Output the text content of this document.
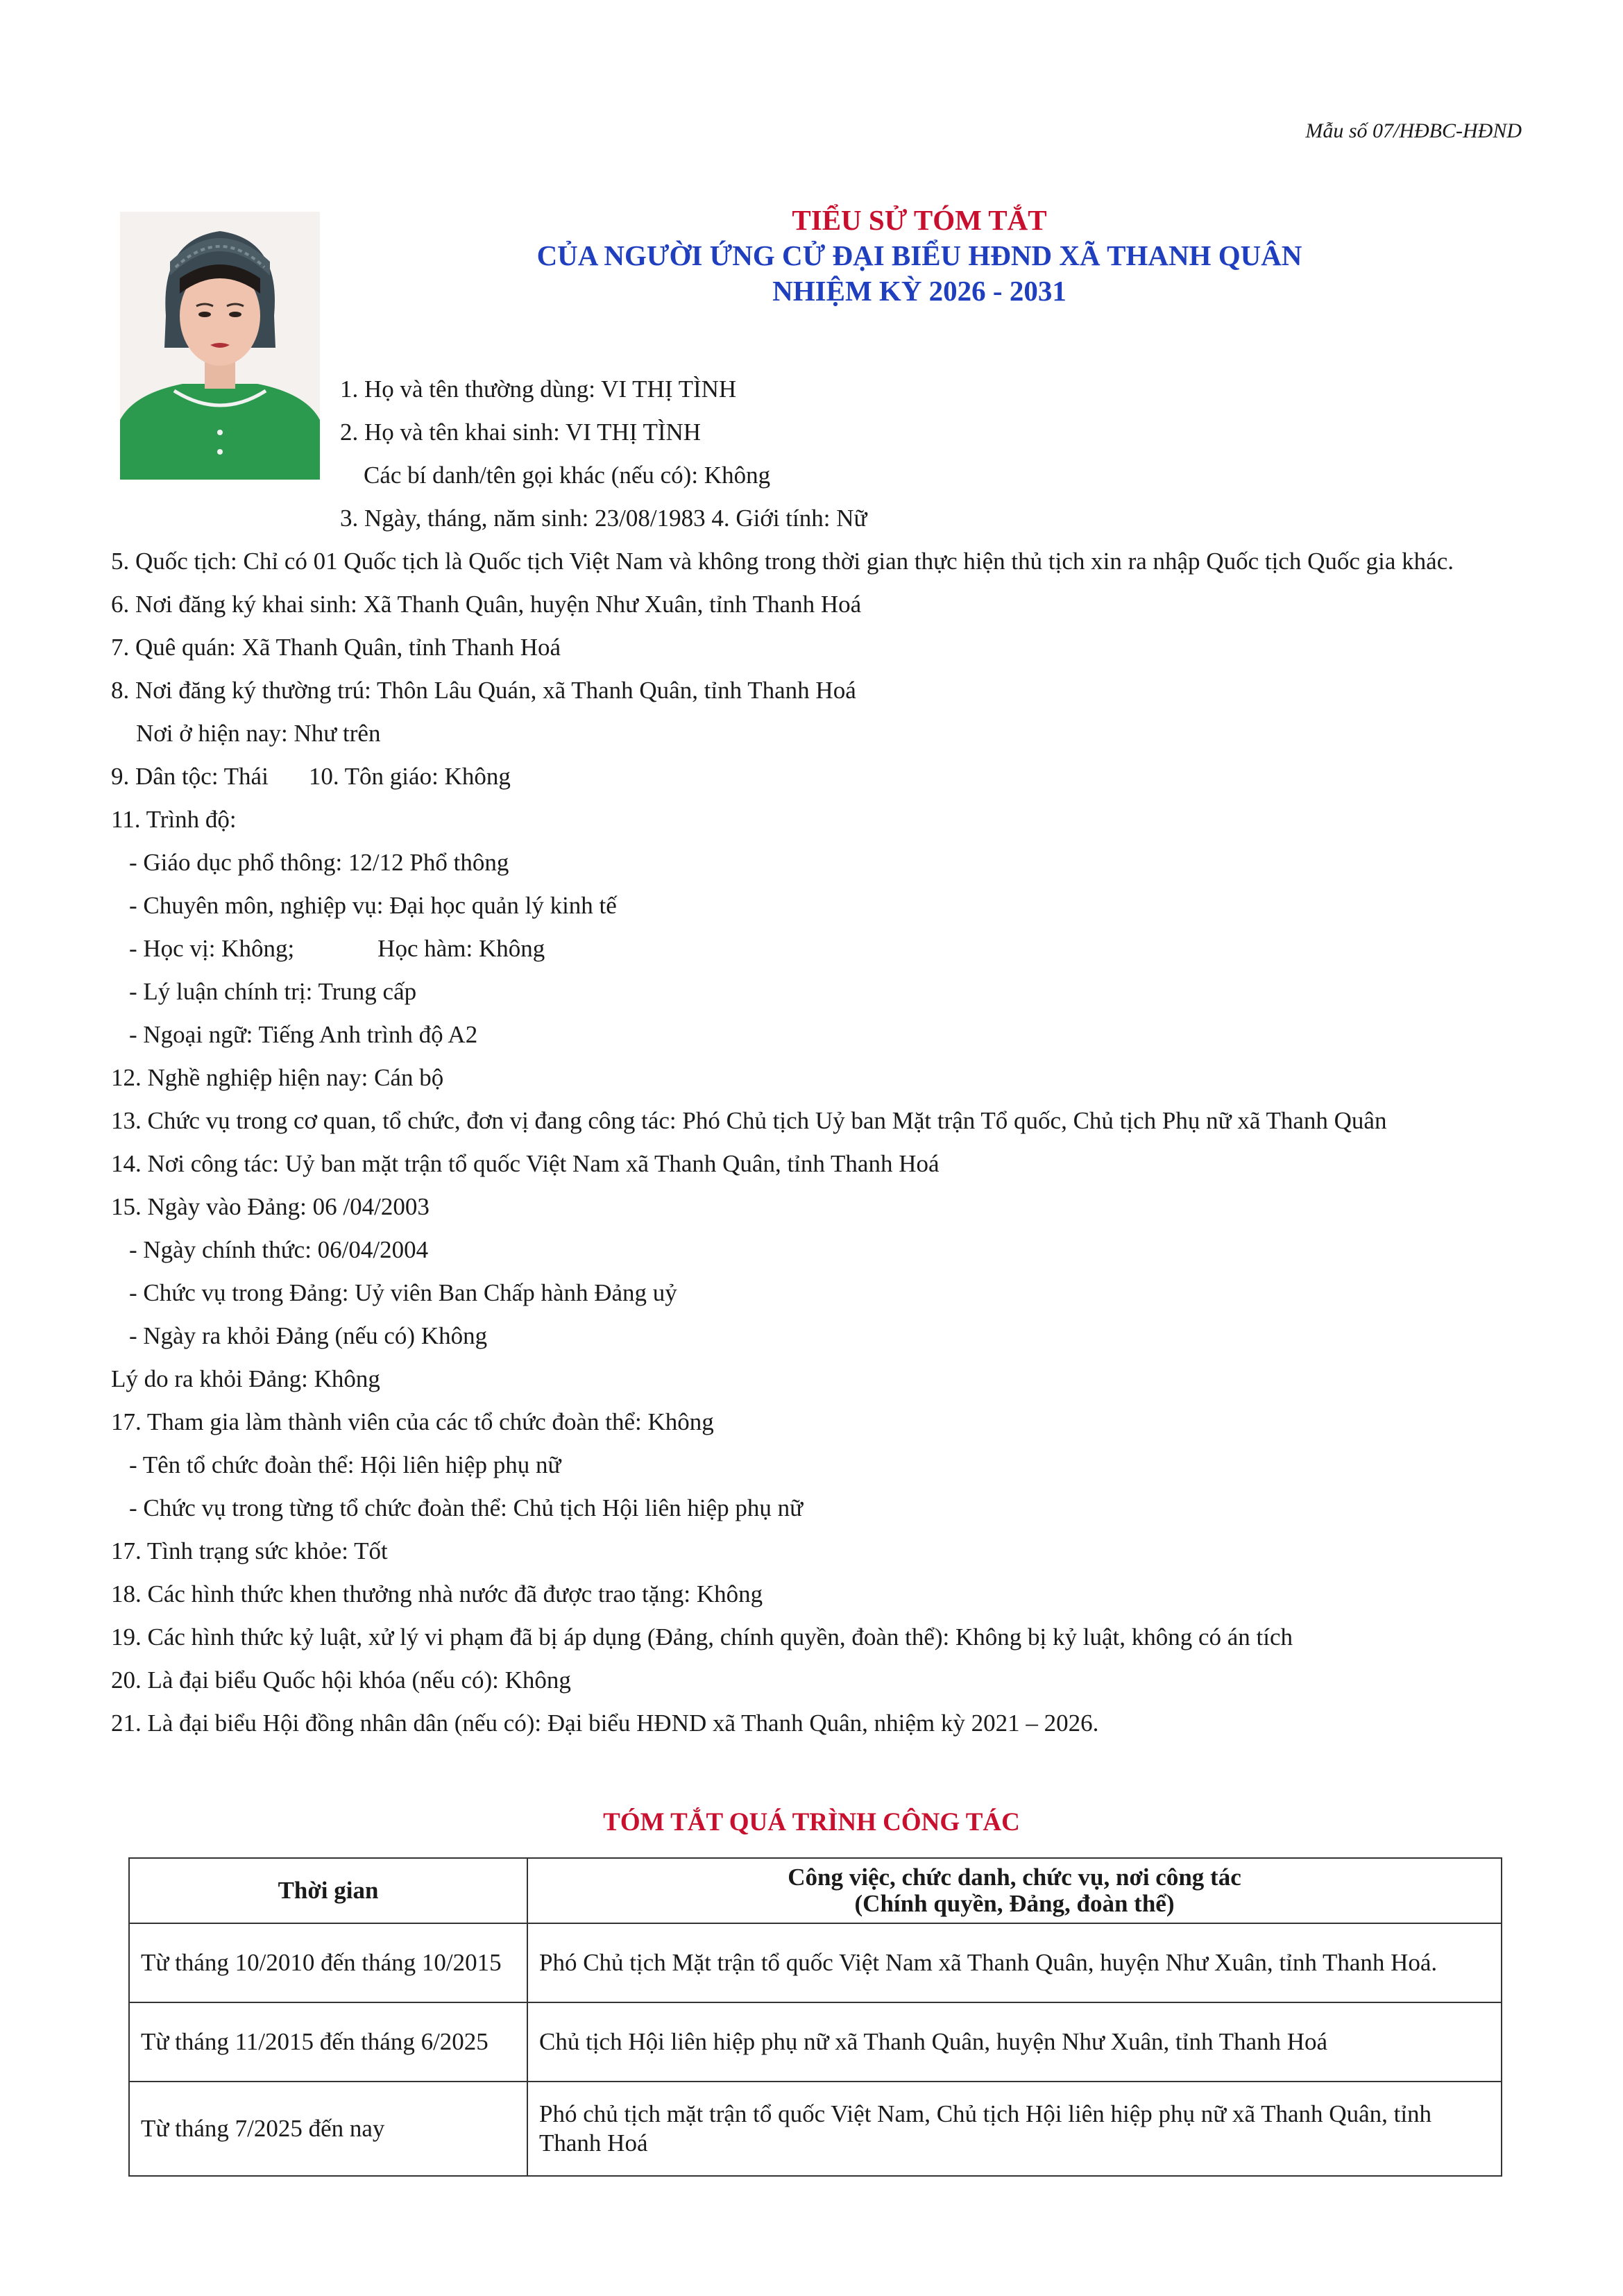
Mẫu số 07/HĐBC-HĐND
TIỂU SỬ TÓM TẮT
CỦA NGƯỜI ỨNG CỬ ĐẠI BIỂU HĐND XÃ THANH QUÂN
NHIỆM KỲ 2026 - 2031
1. Họ và tên thường dùng: VI THỊ TÌNH
2. Họ và tên khai sinh: VI THỊ TÌNH
Các bí danh/tên gọi khác (nếu có): Không
3. Ngày, tháng, năm sinh: 23/08/1983 4. Giới tính: Nữ
5. Quốc tịch: Chỉ có 01 Quốc tịch là Quốc tịch Việt Nam và không trong thời gian thực hiện thủ tịch xin ra nhập Quốc tịch Quốc gia khác.
6. Nơi đăng ký khai sinh: Xã Thanh Quân, huyện Như Xuân, tỉnh Thanh Hoá
7. Quê quán: Xã Thanh Quân, tỉnh Thanh Hoá
8. Nơi đăng ký thường trú: Thôn Lâu Quán, xã Thanh Quân, tỉnh Thanh Hoá
Nơi ở hiện nay: Như trên
9. Dân tộc: Thái 10. Tôn giáo: Không
11. Trình độ:
- Giáo dục phổ thông: 12/12 Phổ thông
- Chuyên môn, nghiệp vụ: Đại học quản lý kinh tế
- Học vị: Không;	Học hàm: Không
- Lý luận chính trị: Trung cấp
- Ngoại ngữ: Tiếng Anh trình độ A2
12. Nghề nghiệp hiện nay: Cán bộ
13. Chức vụ trong cơ quan, tổ chức, đơn vị đang công tác: Phó Chủ tịch Uỷ ban Mặt trận Tổ quốc, Chủ tịch Phụ nữ xã Thanh Quân
14. Nơi công tác: Uỷ ban mặt trận tổ quốc Việt Nam xã Thanh Quân, tỉnh Thanh Hoá
15. Ngày vào Đảng: 06 /04/2003
- Ngày chính thức: 06/04/2004
- Chức vụ trong Đảng: Uỷ viên Ban Chấp hành Đảng uỷ
- Ngày ra khỏi Đảng (nếu có) Không
Lý do ra khỏi Đảng: Không
17. Tham gia làm thành viên của các tổ chức đoàn thể: Không
- Tên tổ chức đoàn thể: Hội liên hiệp phụ nữ
- Chức vụ trong từng tổ chức đoàn thể: Chủ tịch Hội liên hiệp phụ nữ
17. Tình trạng sức khỏe: Tốt
18. Các hình thức khen thưởng nhà nước đã được trao tặng: Không
19. Các hình thức kỷ luật, xử lý vi phạm đã bị áp dụng (Đảng, chính quyền, đoàn thể): Không bị kỷ luật, không có án tích
20. Là đại biểu Quốc hội khóa (nếu có): Không
21. Là đại biểu Hội đồng nhân dân (nếu có): Đại biểu HĐND xã Thanh Quân, nhiệm kỳ 2021 – 2026.
TÓM TẮT QUÁ TRÌNH CÔNG TÁC
Thời gian	Công việc, chức danh, chức vụ, nơi công tác
(Chính quyền, Đảng, đoàn thể)

Từ tháng 10/2010 đến tháng 10/2015	Phó Chủ tịch Mặt trận tổ quốc Việt Nam xã Thanh Quân, huyện Như Xuân, tỉnh Thanh Hoá.
Từ tháng 11/2015 đến tháng 6/2025	Chủ tịch Hội liên hiệp phụ nữ xã Thanh Quân, huyện Như Xuân, tỉnh Thanh Hoá
Từ tháng 7/2025 đến nay	Phó chủ tịch mặt trận tổ quốc Việt Nam, Chủ tịch Hội liên hiệp phụ nữ xã Thanh Quân, tỉnh Thanh Hoá
